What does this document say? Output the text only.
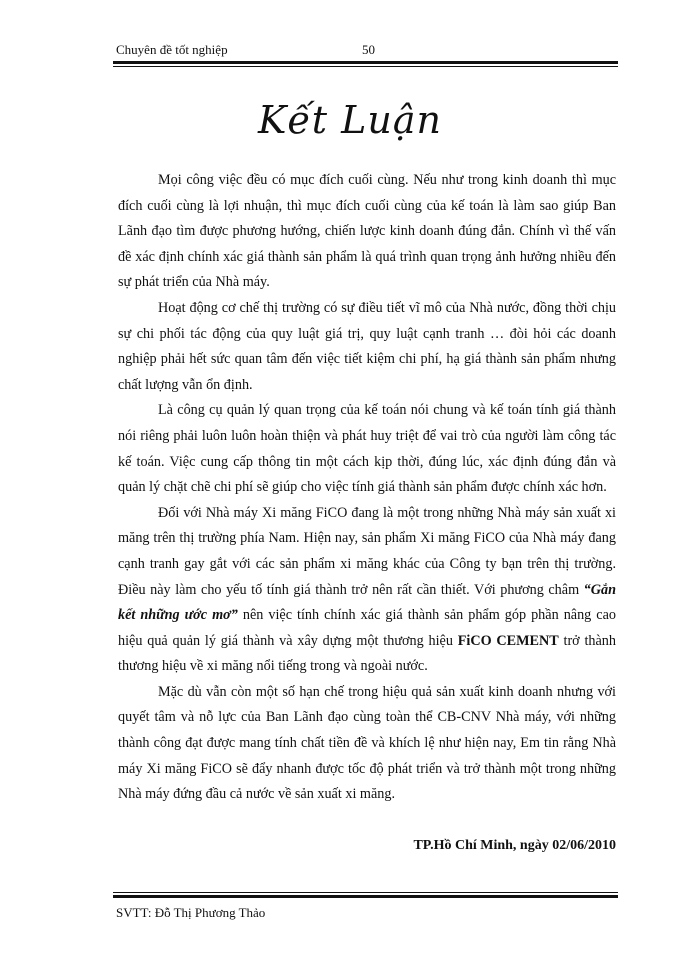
Chuyên đề tốt nghiệp	50
Kết Luận

Mọi công việc đều có mục đích cuối cùng. Nếu như trong kinh doanh thì mục đích cuối cùng là lợi nhuận, thì mục đích cuối cùng của kế toán là làm sao giúp Ban Lãnh đạo tìm được phương hướng, chiến lược kinh doanh đúng đắn. Chính vì thế vấn đề xác định chính xác giá thành sản phẩm là quá trình quan trọng ảnh hưởng nhiều đến sự phát triển của Nhà máy.

Hoạt động cơ chế thị trường có sự điều tiết vĩ mô của Nhà nước, đồng thời chịu sự chi phối tác động của quy luật giá trị, quy luật cạnh tranh … đòi hỏi các doanh nghiệp phải hết sức quan tâm đến việc tiết kiệm chi phí, hạ giá thành sản phẩm nhưng chất lượng vẫn ổn định.

Là công cụ quản lý quan trọng của kế toán nói chung và kế toán tính giá thành nói riêng phải luôn luôn hoàn thiện và phát huy triệt để vai trò của người làm công tác kế toán. Việc cung cấp thông tin một cách kịp thời, đúng lúc, xác định đúng đắn và quản lý chặt chẽ chi phí sẽ giúp cho việc tính giá thành sản phẩm được chính xác hơn.

Đối với Nhà máy Xi măng FiCO đang là một trong những Nhà máy sản xuất xi măng trên thị trường phía Nam. Hiện nay, sản phẩm Xi măng FiCO của Nhà máy đang cạnh tranh gay gắt với các sản phẩm xi măng khác của Công ty bạn trên thị trường. Điều này làm cho yếu tố tính giá thành trở nên rất cần thiết. Với phương châm “Gắn kết những ước mơ” nên việc tính chính xác giá thành sản phẩm góp phần nâng cao hiệu quả quản lý giá thành và xây dựng một thương hiệu FiCO CEMENT trở thành thương hiệu về xi măng nổi tiếng trong và ngoài nước.

Mặc dù vẫn còn một số hạn chế trong hiệu quả sản xuất kinh doanh nhưng với quyết tâm và nỗ lực của Ban Lãnh đạo cùng toàn thể CB-CNV Nhà máy, với những thành công đạt được mang tính chất tiền đề và khích lệ như hiện nay, Em tin rằng Nhà máy Xi măng FiCO sẽ đẩy nhanh được tốc độ phát triển và trở thành một trong những Nhà máy đứng đầu cả nước về sản xuất xi măng.

TP.Hồ Chí Minh, ngày 02/06/2010
SVTT: Đỗ Thị Phương Thảo
